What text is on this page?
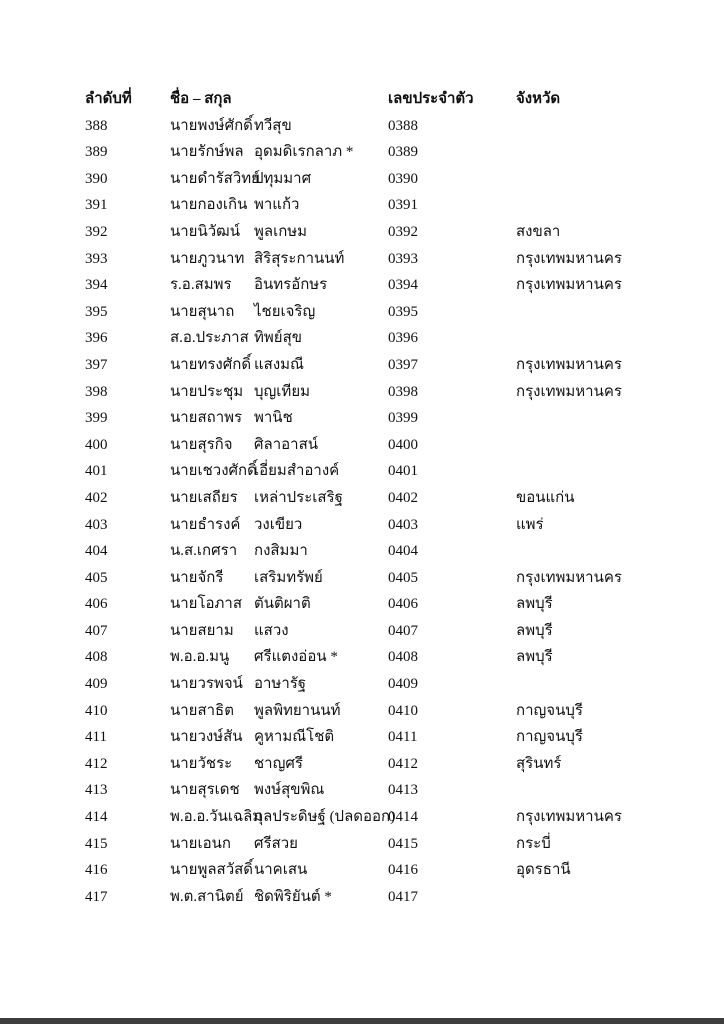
ลำดับที่	ชื่อ – สกุล		เลขประจำตัว	จังหวัด
388	นายพงษ์ศักดิ์	ทวีสุข	0388	
389	นายรักษ์พล	อุดมดิเรกลาภ *	0389	
390	นายดำรัสวิทย์	ปทุมมาศ	0390	
391	นายกองเกิน	พาแก้ว	0391	
392	นายนิวัฒน์	พูลเกษม	0392	สงขลา
393	นายภูวนาท	สิริสุระกานนท์	0393	กรุงเทพมหานคร
394	ร.อ.สมพร	อินทรอักษร	0394	กรุงเทพมหานคร
395	นายสุนาถ	ไชยเจริญ	0395	
396	ส.อ.ประภาส	ทิพย์สุข	0396	
397	นายทรงศักดิ์	แสงมณี	0397	กรุงเทพมหานคร
398	นายประชุม	บุญเทียม	0398	กรุงเทพมหานคร
399	นายสถาพร	พานิช	0399	
400	นายสุรกิจ	ศิลาอาสน์	0400	
401	นายเชวงศักดิ์	เอี่ยมสำอางค์	0401	
402	นายเสถียร	เหล่าประเสริฐ	0402	ขอนแก่น
403	นายธำรงค์	วงเขียว	0403	แพร่
404	น.ส.เกศรา	กงสิมมา	0404	
405	นายจักรี	เสริมทรัพย์	0405	กรุงเทพมหานคร
406	นายโอภาส	ตันติผาติ	0406	ลพบุรี
407	นายสยาม	แสวง	0407	ลพบุรี
408	พ.อ.อ.มนู	ศรีแตงอ่อน *	0408	ลพบุรี
409	นายวรพจน์	อาษารัฐ	0409	
410	นายสาธิต	พูลพิทยานนท์	0410	กาญจนบุรี
411	นายวงษ์สัน	คูหามณีโชติ	0411	กาญจนบุรี
412	นายวัชระ	ชาญศรี	0412	สุรินทร์
413	นายสุรเดช	พงษ์สุขพิณ	0413	
414	พ.อ.อ.วันเฉลิม	กุลประดิษฐ์ (ปลดออก)	0414	กรุงเทพมหานคร
415	นายเอนก	ศรีสวย	0415	กระบี่
416	นายพูลสวัสดิ์	นาคเสน	0416	อุดรธานี
417	พ.ต.สานิตย์	ชิดพิริยันต์ *	0417	
